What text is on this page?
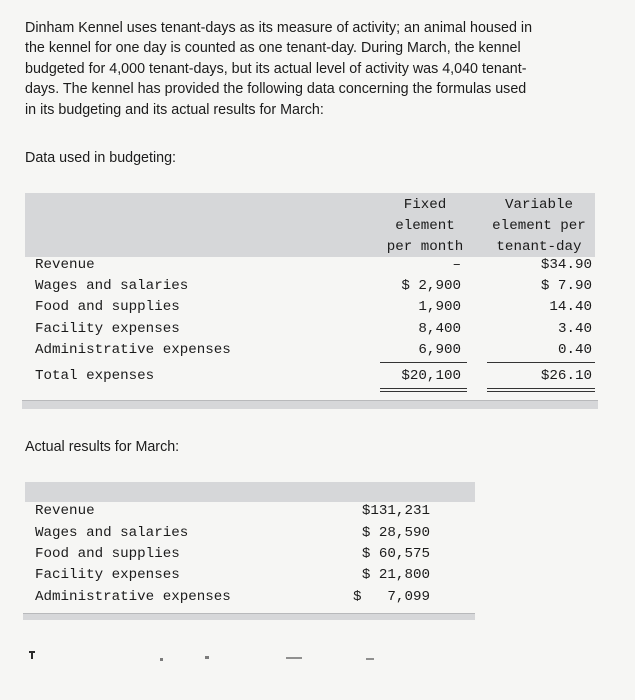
Dinham Kennel uses tenant-days as its measure of activity; an animal housed in
the kennel for one day is counted as one tenant-day. During March, the kennel
budgeted for 4,000 tenant-days, but its actual level of activity was 4,040 tenant-
days. The kennel has provided the following data concerning the formulas used
in its budgeting and its actual results for March:
Data used in budgeting:
Fixed
element
per month
Variable
element per
tenant-day
Revenue	–	$34.90
Wages and salaries	$ 2,900	$ 7.90
Food and supplies	1,900	14.40
Facility expenses	8,400	3.40
Administrative expenses	6,900	0.40
Total expenses	$20,100	$26.10
Actual results for March:
Revenue	$131,231
Wages and salaries	$ 28,590
Food and supplies	$ 60,575
Facility expenses	$ 21,800
Administrative expenses	$ 7,099
